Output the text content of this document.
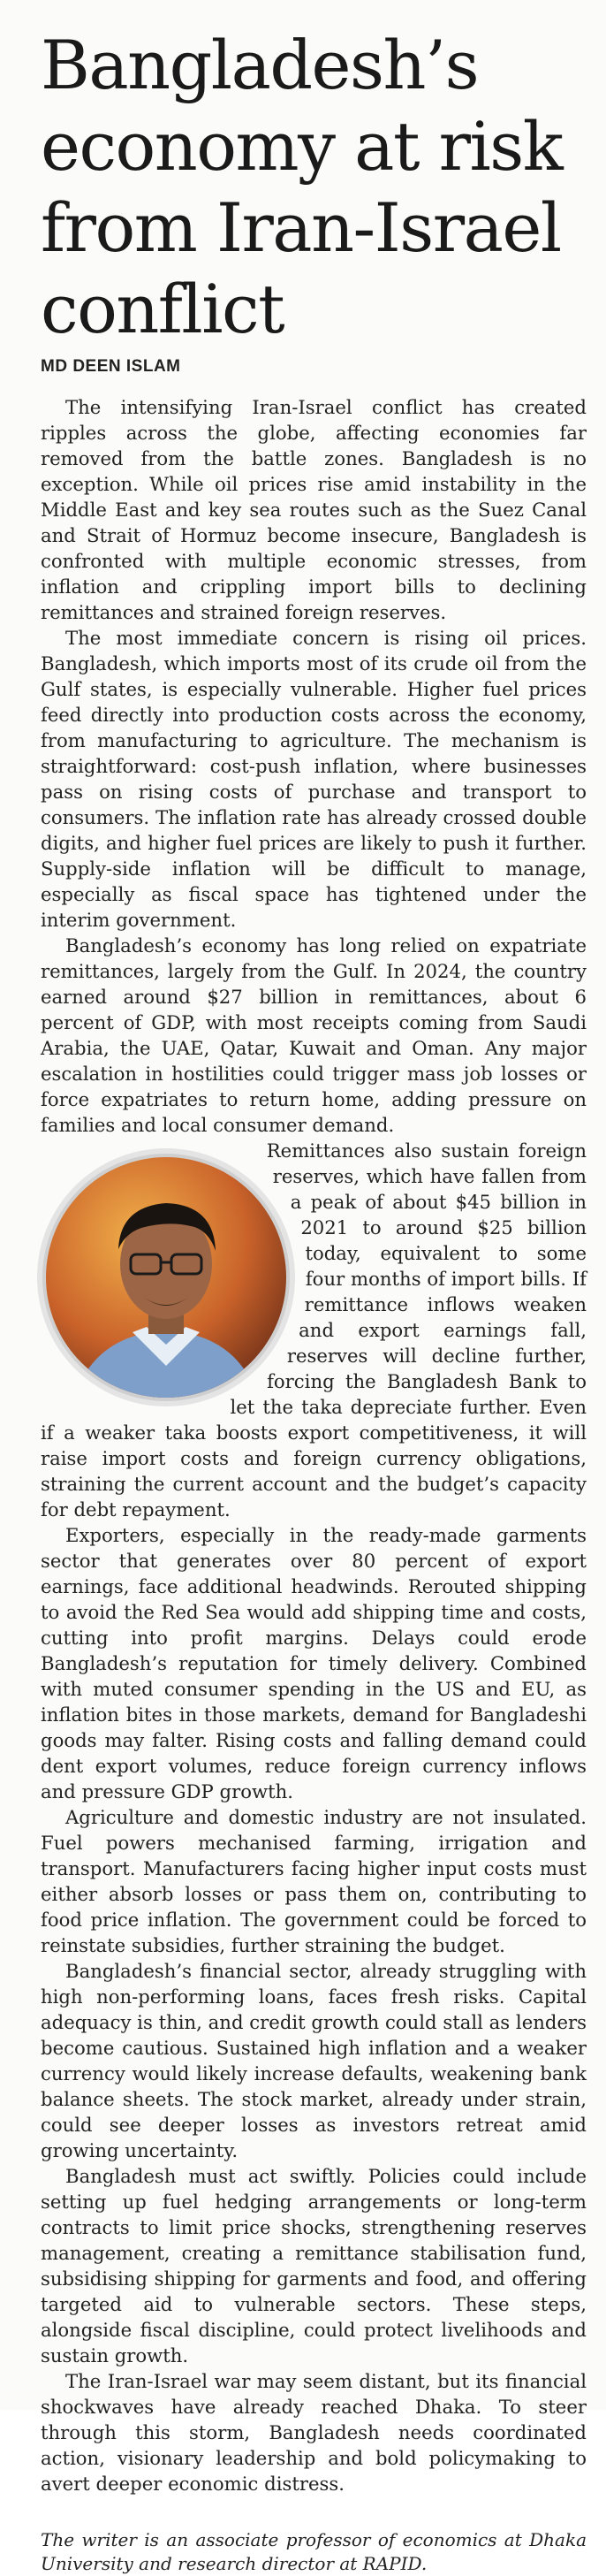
Bangladesh’s economy at risk from Iran-Israel conflict
MD DEEN ISLAM

The intensifying Iran-Israel conflict has created ripples across the globe, affecting economies far removed from the battle zones. Bangladesh is no exception. While oil prices rise amid instability in the Middle East and key sea routes such as the Suez Canal and Strait of Hormuz become insecure, Bangladesh is confronted with multiple economic stresses, from inflation and crippling import bills to declining remittances and strained foreign reserves.

The most immediate concern is rising oil prices. Bangladesh, which imports most of its crude oil from the Gulf states, is especially vulnerable. Higher fuel prices feed directly into production costs across the economy, from manufacturing to agriculture. The mechanism is straightforward: cost-push inflation, where businesses pass on rising costs of purchase and transport to consumers. The inflation rate has already crossed double digits, and higher fuel prices are likely to push it further. Supply-side inflation will be difficult to manage, especially as fiscal space has tightened under the interim government.

Bangladesh’s economy has long relied on expatriate remittances, largely from the Gulf. In 2024, the country earned around $27 billion in remittances, about 6 percent of GDP, with most receipts coming from Saudi Arabia, the UAE, Qatar, Kuwait and Oman. Any major escalation in hostilities could trigger mass job losses or force expatriates to return home, adding pressure on families and local consumer demand.

Remittances also sustain foreign reserves, which have fallen from a peak of about $45 billion in 2021 to around $25 billion today, equivalent to some four months of import bills. If remittance inflows weaken and export earnings fall, reserves will decline further, forcing the Bangladesh Bank to let the taka depreciate further. Even if a weaker taka boosts export competitiveness, it will raise import costs and foreign currency obligations, straining the current account and the budget’s capacity for debt repayment.

Exporters, especially in the ready-made garments sector that generates over 80 percent of export earnings, face additional headwinds. Rerouted shipping to avoid the Red Sea would add shipping time and costs, cutting into profit margins. Delays could erode Bangladesh’s reputation for timely delivery. Combined with muted consumer spending in the US and EU, as inflation bites in those markets, demand for Bangladeshi goods may falter. Rising costs and falling demand could dent export volumes, reduce foreign currency inflows and pressure GDP growth.

Agriculture and domestic industry are not insulated. Fuel powers mechanised farming, irrigation and transport. Manufacturers facing higher input costs must either absorb losses or pass them on, contributing to food price inflation. The government could be forced to reinstate subsidies, further straining the budget.

Bangladesh’s financial sector, already struggling with high non-performing loans, faces fresh risks. Capital adequacy is thin, and credit growth could stall as lenders become cautious. Sustained high inflation and a weaker currency would likely increase defaults, weakening bank balance sheets. The stock market, already under strain, could see deeper losses as investors retreat amid growing uncertainty.

Bangladesh must act swiftly. Policies could include setting up fuel hedging arrangements or long-term contracts to limit price shocks, strengthening reserves management, creating a remittance stabilisation fund, subsidising shipping for garments and food, and offering targeted aid to vulnerable sectors. These steps, alongside fiscal discipline, could protect livelihoods and sustain growth.

The Iran-Israel war may seem distant, but its financial shockwaves have already reached Dhaka. To steer through this storm, Bangladesh needs coordinated action, visionary leadership and bold policymaking to avert deeper economic distress.

The writer is an associate professor of economics at Dhaka University and research director at RAPID.
